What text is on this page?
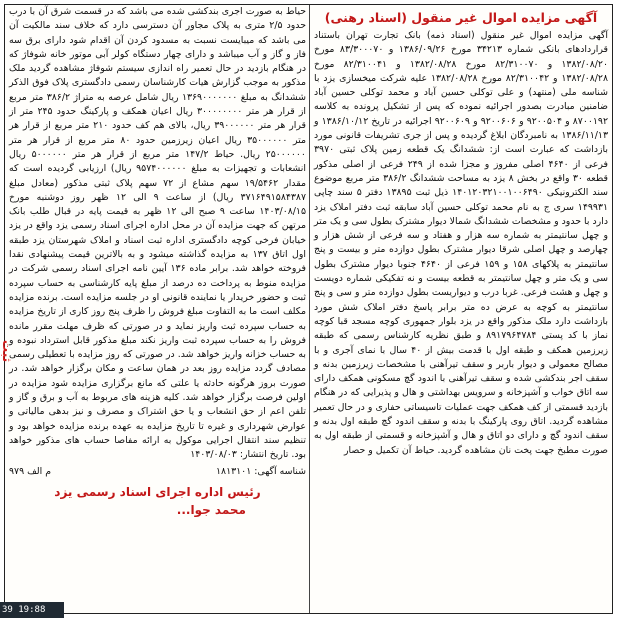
آگهی مزایده اموال غیر منقول (اسناد رهنی)

آگهی مزایده اموال غیر منقول (اسناد ذمه) بانک تجارت تهران باستناد قراردادهای بانکی شماره ۳۴۲۱۳ مورخ ۱۳۸۶/۰۹/۲۶ و ۸۳/۳۰۰۰۷۰ مورخ ۱۳۸۲/۰۸/۲۰ و ۸۲/۳۱۰۰۷۰ مورخ ۱۳۸۲/۰۸/۲۸ و ۸۲/۳۱۰۰۴۱ مورخ ۱۳۸۲/۰۸/۲۸ و ۸۲/۳۱۰۰۴۲ مورخ ۱۳۸۲/۰۸/۲۸ علیه شرکت میخسازی یزد با شناسه ملی (منتهد) و علی توکلی حسین آباد و محمد توکلی حسین آباد ضامنین مبادرت بصدور اجرائیه نموده که پس از تشکیل پرونده به کلاسه ۸۷۰۰۱۹۲ و ۹۲۰۰۵۰۴ و ۹۲۰۰۶۰۶ و ۹۲۰۰۶۰۹ اجرائیه در تاریخ ۱۳۸۶/۱۰/۱۲ و ۱۳۸۶/۱۱/۱۳ به نامبردگان ابلاغ گردیده و پس از جری تشریفات قانونی مورد بازداشت که عبارت است از: ششدانگ یک قطعه زمین پلاک ثبتی ۳۹۷۰ فرعی از ۴۶۴۰ اصلی مفروز و مجزا شده از ۲۴۹ فرعی از اصلی مذکور قطعه ۳۰ واقع در بخش ۸ یزد به مساحت ششدانگ ۳۸۶/۲ متر مربع موضوع سند الکترونیکی ۱۴۰۱۲۰۳۲۱۰۰۱۰۰۶۴۹۰ ذیل ثبت ۱۳۸۹۵ دفتر ۵ سند چاپی ۱۴۹۹۳۱ سری ج به نام محمد توکلی حسین آباد سابقه ثبت دفتر املاک یزد دارد با حدود و مشخصات ششدانگ شمالا دیوار مشترک بطول سی و یک متر و چهل سانتیمتر به شماره سه هزار و هفتاد و سه فرعی از شش هزار و چهارصد و چهل اصلی شرقا دیوار مشترک بطول دوازده متر و بیست و پنج سانتیمتر به پلاکهای ۱۵۸ و ۱۵۹ فرعی از ۴۶۴۰ جنوبا دیوار مشترک بطول سی و یک متر و چهل سانتیمتر به قطعه بیست و نه تفکیکی شماره دویست و چهل و هشت فرعی. غربا درب و دیواریست بطول دوازده متر و سی و پنج سانتیمتر به کوچه به عرض ده متر برابر پاسخ دفتر املاک شش مورد بازداشت دارد ملک مذکور واقع در یزد بلوار جمهوری کوچه مسجد قبا کوچه نماز با کد پستی ۸۹۱۷۹۶۴۷۸۴ و طبق نظریه کارشناس رسمی که طبقه زیرزمین همکف و طبقه اول با قدمت بیش از ۴۰ سال با نمای آجری و با مصالح معمولی و دیوار باربر و سقف تیرآهنی با مشخصات زیرزمین بدنه و سقف اجر بندکشی شده و سقف تیرآهنی با اندود گچ مسکونی همکف دارای سه اتاق خواب و آشپزخانه و سرویس بهداشتی و هال و پذیرایی که در هنگام بازدید قسمتی از کف همکف جهت عملیات تاسیساتی حفاری و در حال تعمیر مشاهده گردید. اتاق روی پارکینگ با بدنه و سقف اندود گچ طبقه اول بدنه و سقف اندود گچ و دارای دو اتاق و هال و آشپزخانه و قسمتی از طبقه اول به صورت مطبخ جهت پخت نان مشاهده گردید. حیاط آن تکمیل و حصار

حیاط به صورت اجری بندکشی شده می باشد که در قسمت شرق آن با درب حدود ۲/۵ متری به پلاک مجاور آن دسترسی دارد که خلاف سند مالکیت آن می باشد که میبایست نسبت به مسدود کردن آن اقدام شود دارای برق سه فاز و گاز و آب میباشد و دارای چهار دستگاه کولر آبی موتور خانه شوفاژ که در هنگام بازدید در حال تعمیر راه اندازی سیستم شوفاژ مشاهده گردید ملک مذکور به موجب گزارش هیات کارشناسان رسمی دادگستری پلاک فوق الذکر ششدانگ به مبلغ ۱۳۶۹۰۰۰۰۰۰۰ ریال شامل عرصه به متراژ ۳۸۶/۲ متر مربع از قرار هر متر ۳۰۰۰۰۰۰۰۰ ریال اعیان همکف و پارکینگ حدود ۲۴۵ متر از قرار هر متر ۳۹۰۰۰۰۰۰ ریال، بالای هم کف حدود ۲۱۰ متر مربع از قرار هر متر ۳۵۰۰۰۰۰۰ ریال اعیان زیرزمین حدود ۸۰ متر مربع از قرار هر متر ۲۵۰۰۰۰۰۰ ریال. حیاط ۱۴۷/۲ متر مربع از قرار هر متر ۵۰۰۰۰۰۰ ریال انشعابات و تجهیزات به مبلغ ۹۵۷۴۰۰۰۰۰۰ ریال) ارزیابی گردیده است که مقدار ۱۹/۵۴۶۲ سهم مشاع از ۷۲ سهم پلاک ثبتی مذکور (معادل مبلغ ۳۷۱۶۴۹۱۵۸۴۳۸۷ ریال) از ساعت ۹ الی ۱۲ ظهر روز دوشنبه مورخ ۱۴۰۳/۰۸/۱۵ ساعت ۹ صبح الی ۱۲ ظهر به قیمت پایه در قبال طلب بانک مرتهن که جهت مزایده آن در محل اداره اجرای اسناد رسمی یزد واقع در یزد خیابان فرخی کوچه دادگستری اداره ثبت اسناد و املاک شهرستان یزد طبقه اول اتاق ۱۳۷ به مزایده گذاشته میشود و به بالاترین قیمت پیشنهادی نقدا فروخته خواهد شد. برابر ماده ۱۳۶ آیین نامه اجرای اسناد رسمی شرکت در مزایده منوط به پرداخت ده درصد از مبلغ پایه کارشناسی به حساب سپرده ثبت و حضور خریدار یا نماینده قانونی او در جلسه مزایده است. برنده مزایده مکلف است ما به التفاوت مبلغ فروش را ظرف پنج روز کاری از تاریخ مزایده به حساب سپرده ثبت واریز نماید و در صورتی که ظرف مهلت مقرر مانده فروش را به حساب سپرده ثبت واریز نکند مبلغ مذکور قابل استرداد نبوده و به حساب خزانه واریز خواهد شد. در صورتی که روز مزایده با تعطیلی رسمی مصادف گردد مزایده روز بعد در همان ساعت و مکان برگزار خواهد شد. در صورت بروز هرگونه حادثه یا علتی که مانع برگزاری مزایده شود مزایده در اولین فرصت برگزار خواهد شد. کلیه هزینه های مربوط به آب و برق و گاز و تلفن اعم از حق انشعاب و یا حق اشتراک و مصرف و نیز بدهی مالیاتی و عوارض شهرداری و غیره تا تاریخ مزایده به عهده برنده مزایده خواهد بود و تنظیم سند انتقال اجرایی موکول به ارائه مفاصا حساب های مذکور خواهد بود. تاریخ انتشار: ۱۴۰۳/۰۸/۰۳

شناسه آگهی: ۱۸۱۳۱۰۱
م الف ۹۷۹
رئیس اداره اجرای اسناد رسمی یزد
محمد جوا...
ثبت
39 19:88
